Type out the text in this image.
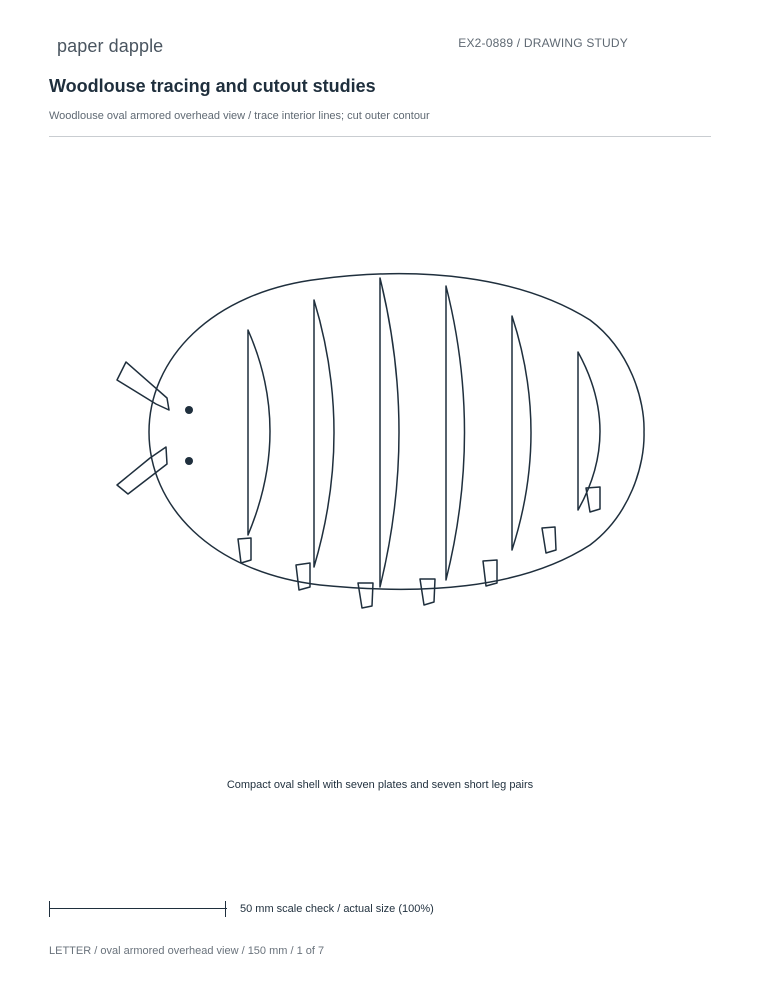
paper dapple	EX2-0889 / DRAWING STUDY
Woodlouse tracing and cutout studies
Woodlouse oval armored overhead view / trace interior lines; cut outer contour
Compact oval shell with seven plates and seven short leg pairs
50 mm scale check / actual size (100%)
LETTER / oval armored overhead view / 150 mm / 1 of 7
